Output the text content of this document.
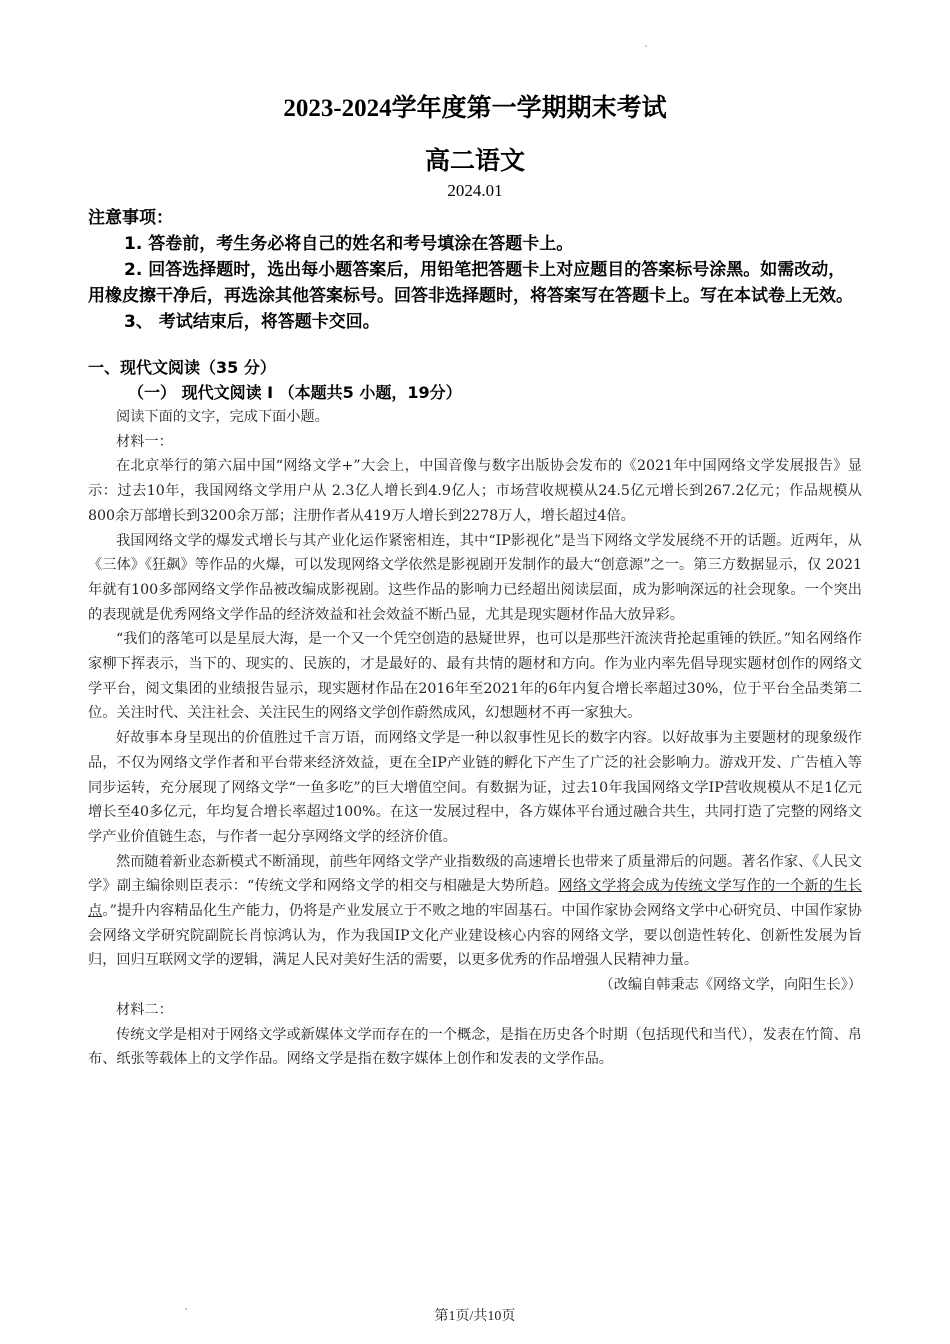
2023-2024学年度第一学期期末考试
高二语文
2024.01

注意事项：

1. 答卷前，考生务必将自己的姓名和考号填涂在答题卡上。

2. 回答选择题时，选出每小题答案后，用铅笔把答题卡上对应题目的答案标号涂黑。如需改动， 用橡皮擦干净后，再选涂其他答案标号。回答非选择题时，将答案写在答题卡上。写在本试卷上无效。

3、 考试结束后，将答题卡交回。

一、现代文阅读（35 分）
（一） 现代文阅读 Ⅰ （本题共5 小题，19分）

阅读下面的文字，完成下面小题。

材料一：

在北京举行的第六届中国“网络文学+”大会上，中国音像与数字出版协会发布的《2021年中国网络文学发展报告》显示：过去10年，我国网络文学用户从 2.3亿人增长到4.9亿人；市场营收规模从24.5亿元增长到267.2亿元；作品规模从800余万部增长到3200余万部；注册作者从419万人增长到2278万人，增长超过4倍。

我国网络文学的爆发式增长与其产业化运作紧密相连，其中“IP影视化”是当下网络文学发展绕不开的话题。近两年，从《三体》《狂飙》等作品的火爆，可以发现网络文学依然是影视剧开发制作的最大“创意源”之一。第三方数据显示，仅 2021年就有100多部网络文学作品被改编成影视剧。这些作品的影响力已经超出阅读层面，成为影响深远的社会现象。一个突出的表现就是优秀网络文学作品的经济效益和社会效益不断凸显，尤其是现实题材作品大放异彩。

“我们的落笔可以是星辰大海，是一个又一个凭空创造的悬疑世界，也可以是那些汗流浃背抡起重锤的铁匠。”知名网络作家柳下挥表示，当下的、现实的、民族的，才是最好的、最有共情的题材和方向。作为业内率先倡导现实题材创作的网络文学平台，阅文集团的业绩报告显示，现实题材作品在2016年至2021年的6年内复合增长率超过30%，位于平台全品类第二位。关注时代、关注社会、关注民生的网络文学创作蔚然成风，幻想题材不再一家独大。

好故事本身呈现出的价值胜过千言万语，而网络文学是一种以叙事性见长的数字内容。以好故事为主要题材的现象级作品，不仅为网络文学作者和平台带来经济效益，更在全IP产业链的孵化下产生了广泛的社会影响力。游戏开发、广告植入等同步运转，充分展现了网络文学“一鱼多吃”的巨大增值空间。有数据为证，过去10年我国网络文学IP营收规模从不足1亿元增长至40多亿元，年均复合增长率超过100%。在这一发展过程中，各方媒体平台通过融合共生，共同打造了完整的网络文学产业价值链生态，与作者一起分享网络文学的经济价值。

然而随着新业态新模式不断涌现，前些年网络文学产业指数级的高速增长也带来了质量滞后的问题。著名作家、《人民文学》副主编徐则臣表示：“传统文学和网络文学的相交与相融是大势所趋。网络文学将会成为传统文学写作的一个新的生长点。”提升内容精品化生产能力，仍将是产业发展立于不败之地的牢固基石。中国作家协会网络文学中心研究员、中国作家协会网络文学研究院副院长肖惊鸿认为，作为我国IP文化产业建设核心内容的网络文学，要以创造性转化、创新性发展为旨归，回归互联网文学的逻辑，满足人民对美好生活的需要，以更多优秀的作品增强人民精神力量。

（改编自韩秉志《网络文学，向阳生长》）

材料二：

传统文学是相对于网络文学或新媒体文学而存在的一个概念，是指在历史各个时期（包括现代和当代），发表在竹简、帛布、纸张等载体上的文学作品。网络文学是指在数字媒体上创作和发表的文学作品。

第1页/共10页
